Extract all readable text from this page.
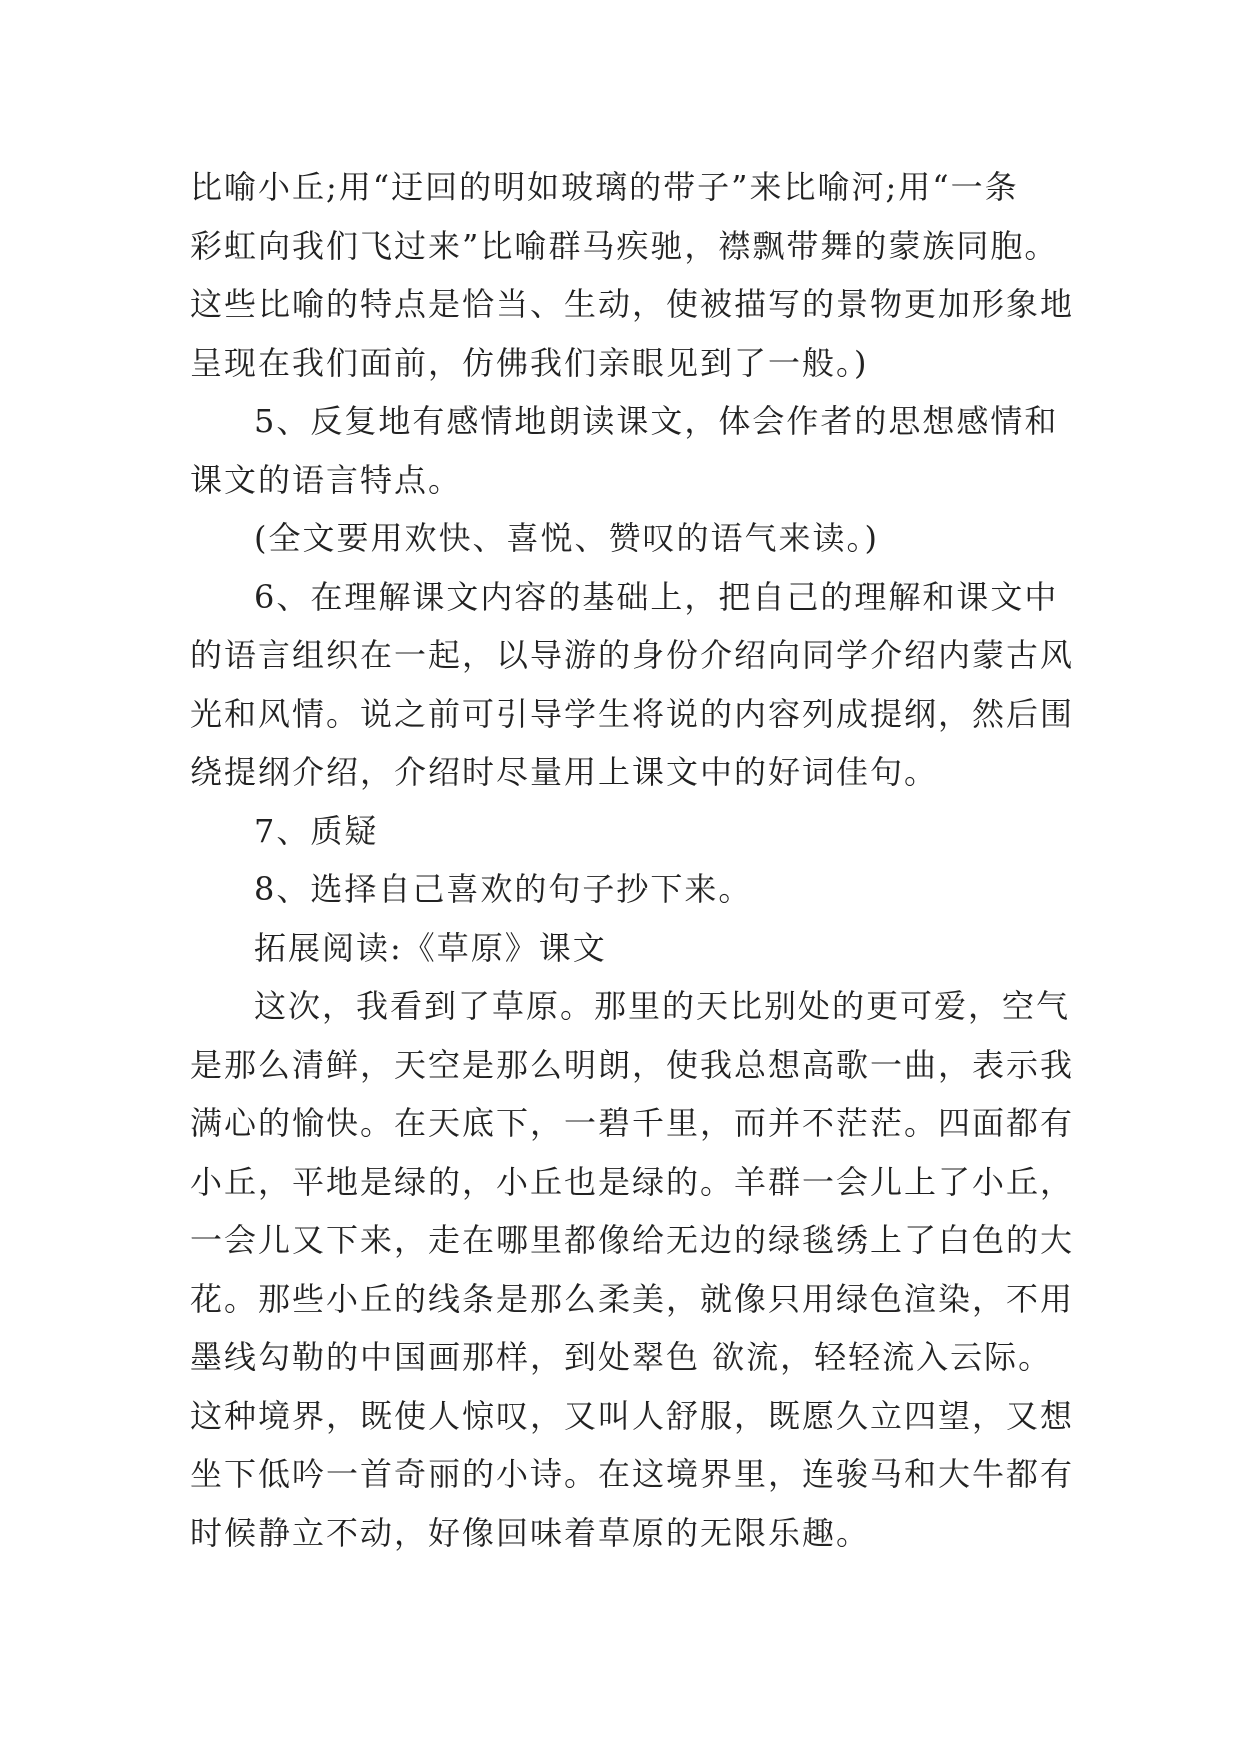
比喻小丘;用“迂回的明如玻璃的带子”来比喻河;用“一条
彩虹向我们飞过来”比喻群马疾驰，襟飘带舞的蒙族同胞。
这些比喻的特点是恰当、生动，使被描写的景物更加形象地
呈现在我们面前，仿佛我们亲眼见到了一般。)
5、反复地有感情地朗读课文，体会作者的思想感情和
课文的语言特点。
(全文要用欢快、喜悦、赞叹的语气来读。)
6、在理解课文内容的基础上，把自己的理解和课文中
的语言组织在一起，以导游的身份介绍向同学介绍内蒙古风
光和风情。说之前可引导学生将说的内容列成提纲，然后围
绕提纲介绍，介绍时尽量用上课文中的好词佳句。
7、质疑
8、选择自己喜欢的句子抄下来。
拓展阅读:《草原》课文
这次，我看到了草原。那里的天比别处的更可爱，空气
是那么清鲜，天空是那么明朗，使我总想高歌一曲，表示我
满心的愉快。在天底下，一碧千里，而并不茫茫。四面都有
小丘，平地是绿的，小丘也是绿的。羊群一会儿上了小丘，
一会儿又下来，走在哪里都像给无边的绿毯绣上了白色的大
花。那些小丘的线条是那么柔美，就像只用绿色渲染，不用
墨线勾勒的中国画那样，到处翠色 欲流，轻轻流入云际。
这种境界，既使人惊叹，又叫人舒服，既愿久立四望，又想
坐下低吟一首奇丽的小诗。在这境界里，连骏马和大牛都有
时候静立不动，好像回味着草原的无限乐趣。
